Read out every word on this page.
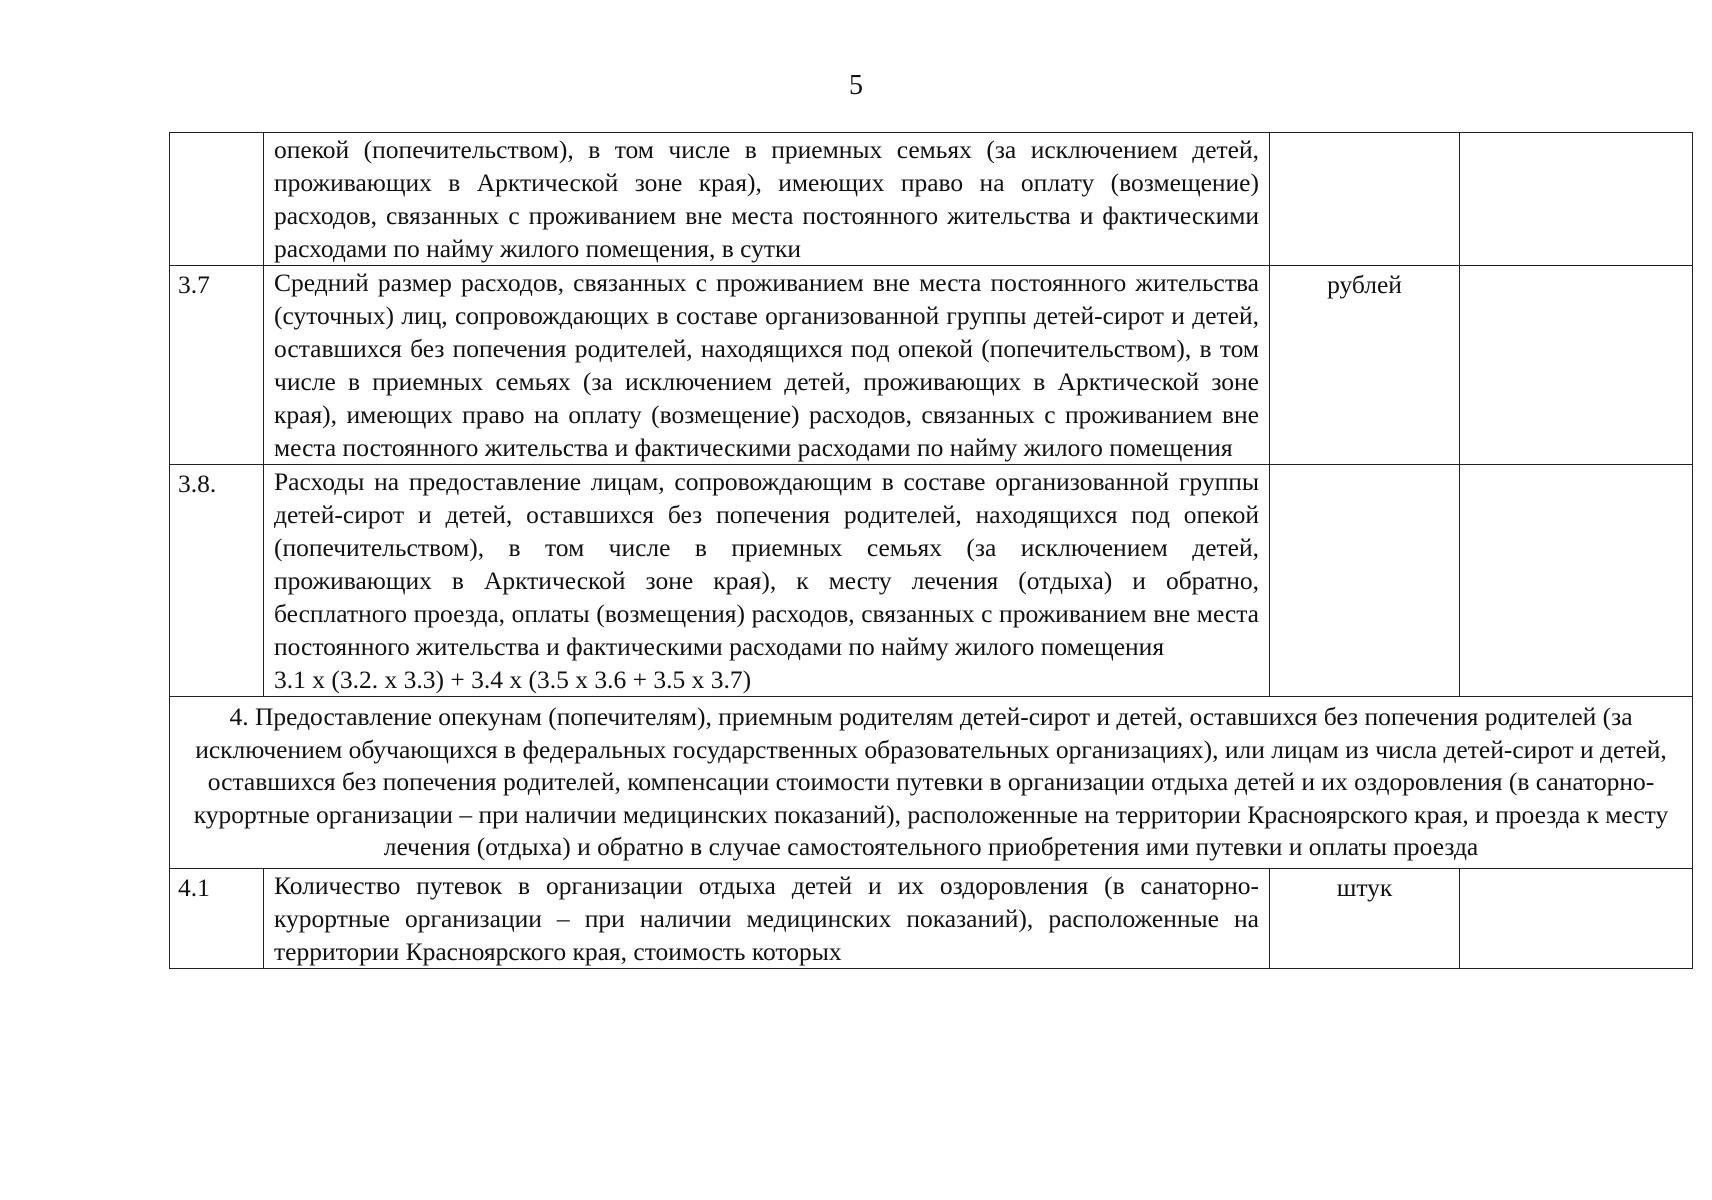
5
	опекой (попечительством), в том числе в приемных семьях (за исключением детей, проживающих в Арктической зоне края), имеющих право на оплату (возмещение) расходов, связанных с проживанием вне места постоянного жительства и фактическими расходами по найму жилого помещения, в сутки		
3.7	Средний размер расходов, связанных с проживанием вне места постоянного жительства (суточных) лиц, сопровождающих в составе организованной группы детей-сирот и детей, оставшихся без попечения родителей, находящихся под опекой (попечительством), в том числе в приемных семьях (за исключением детей, проживающих в Арктической зоне края), имеющих право на оплату (возмещение) расходов, связанных с проживанием вне места постоянного жительства и фактическими расходами по найму жилого помещения	рублей	
3.8.	Расходы на предоставление лицам, сопровождающим в составе организованной группы детей-сирот и детей, оставшихся без попечения родителей, находящихся под опекой (попечительством), в том числе в приемных семьях (за исключением детей, проживающих в Арктической зоне края), к месту лечения (отдыха) и обратно, бесплатного проезда, оплаты (возмещения) расходов, связанных с проживанием вне места постоянного жительства и фактическими расходами по найму жилого помещения
3.1 х (3.2. х 3.3) + 3.4 х (3.5 х 3.6 + 3.5 х 3.7)		

4. Предоставление опекунам (попечителям), приемным родителям детей-сирот и детей, оставшихся без попечения родителей (за исключением обучающихся в федеральных государственных образовательных организациях), или лицам из числа детей-сирот и детей, оставшихся без попечения родителей, компенсации стоимости путевки в организации отдыха детей и их оздоровления (в санаторно-курортные организации – при наличии медицинских показаний), расположенные на территории Красноярского края, и проезда к месту лечения (отдыха) и обратно в случае самостоятельного приобретения ими путевки и оплаты проезда			
4.1	Количество путевок в организации отдыха детей и их оздоровления (в санаторно-курортные организации – при наличии медицинских показаний), расположенные на территории Красноярского края, стоимость которых	штук	
